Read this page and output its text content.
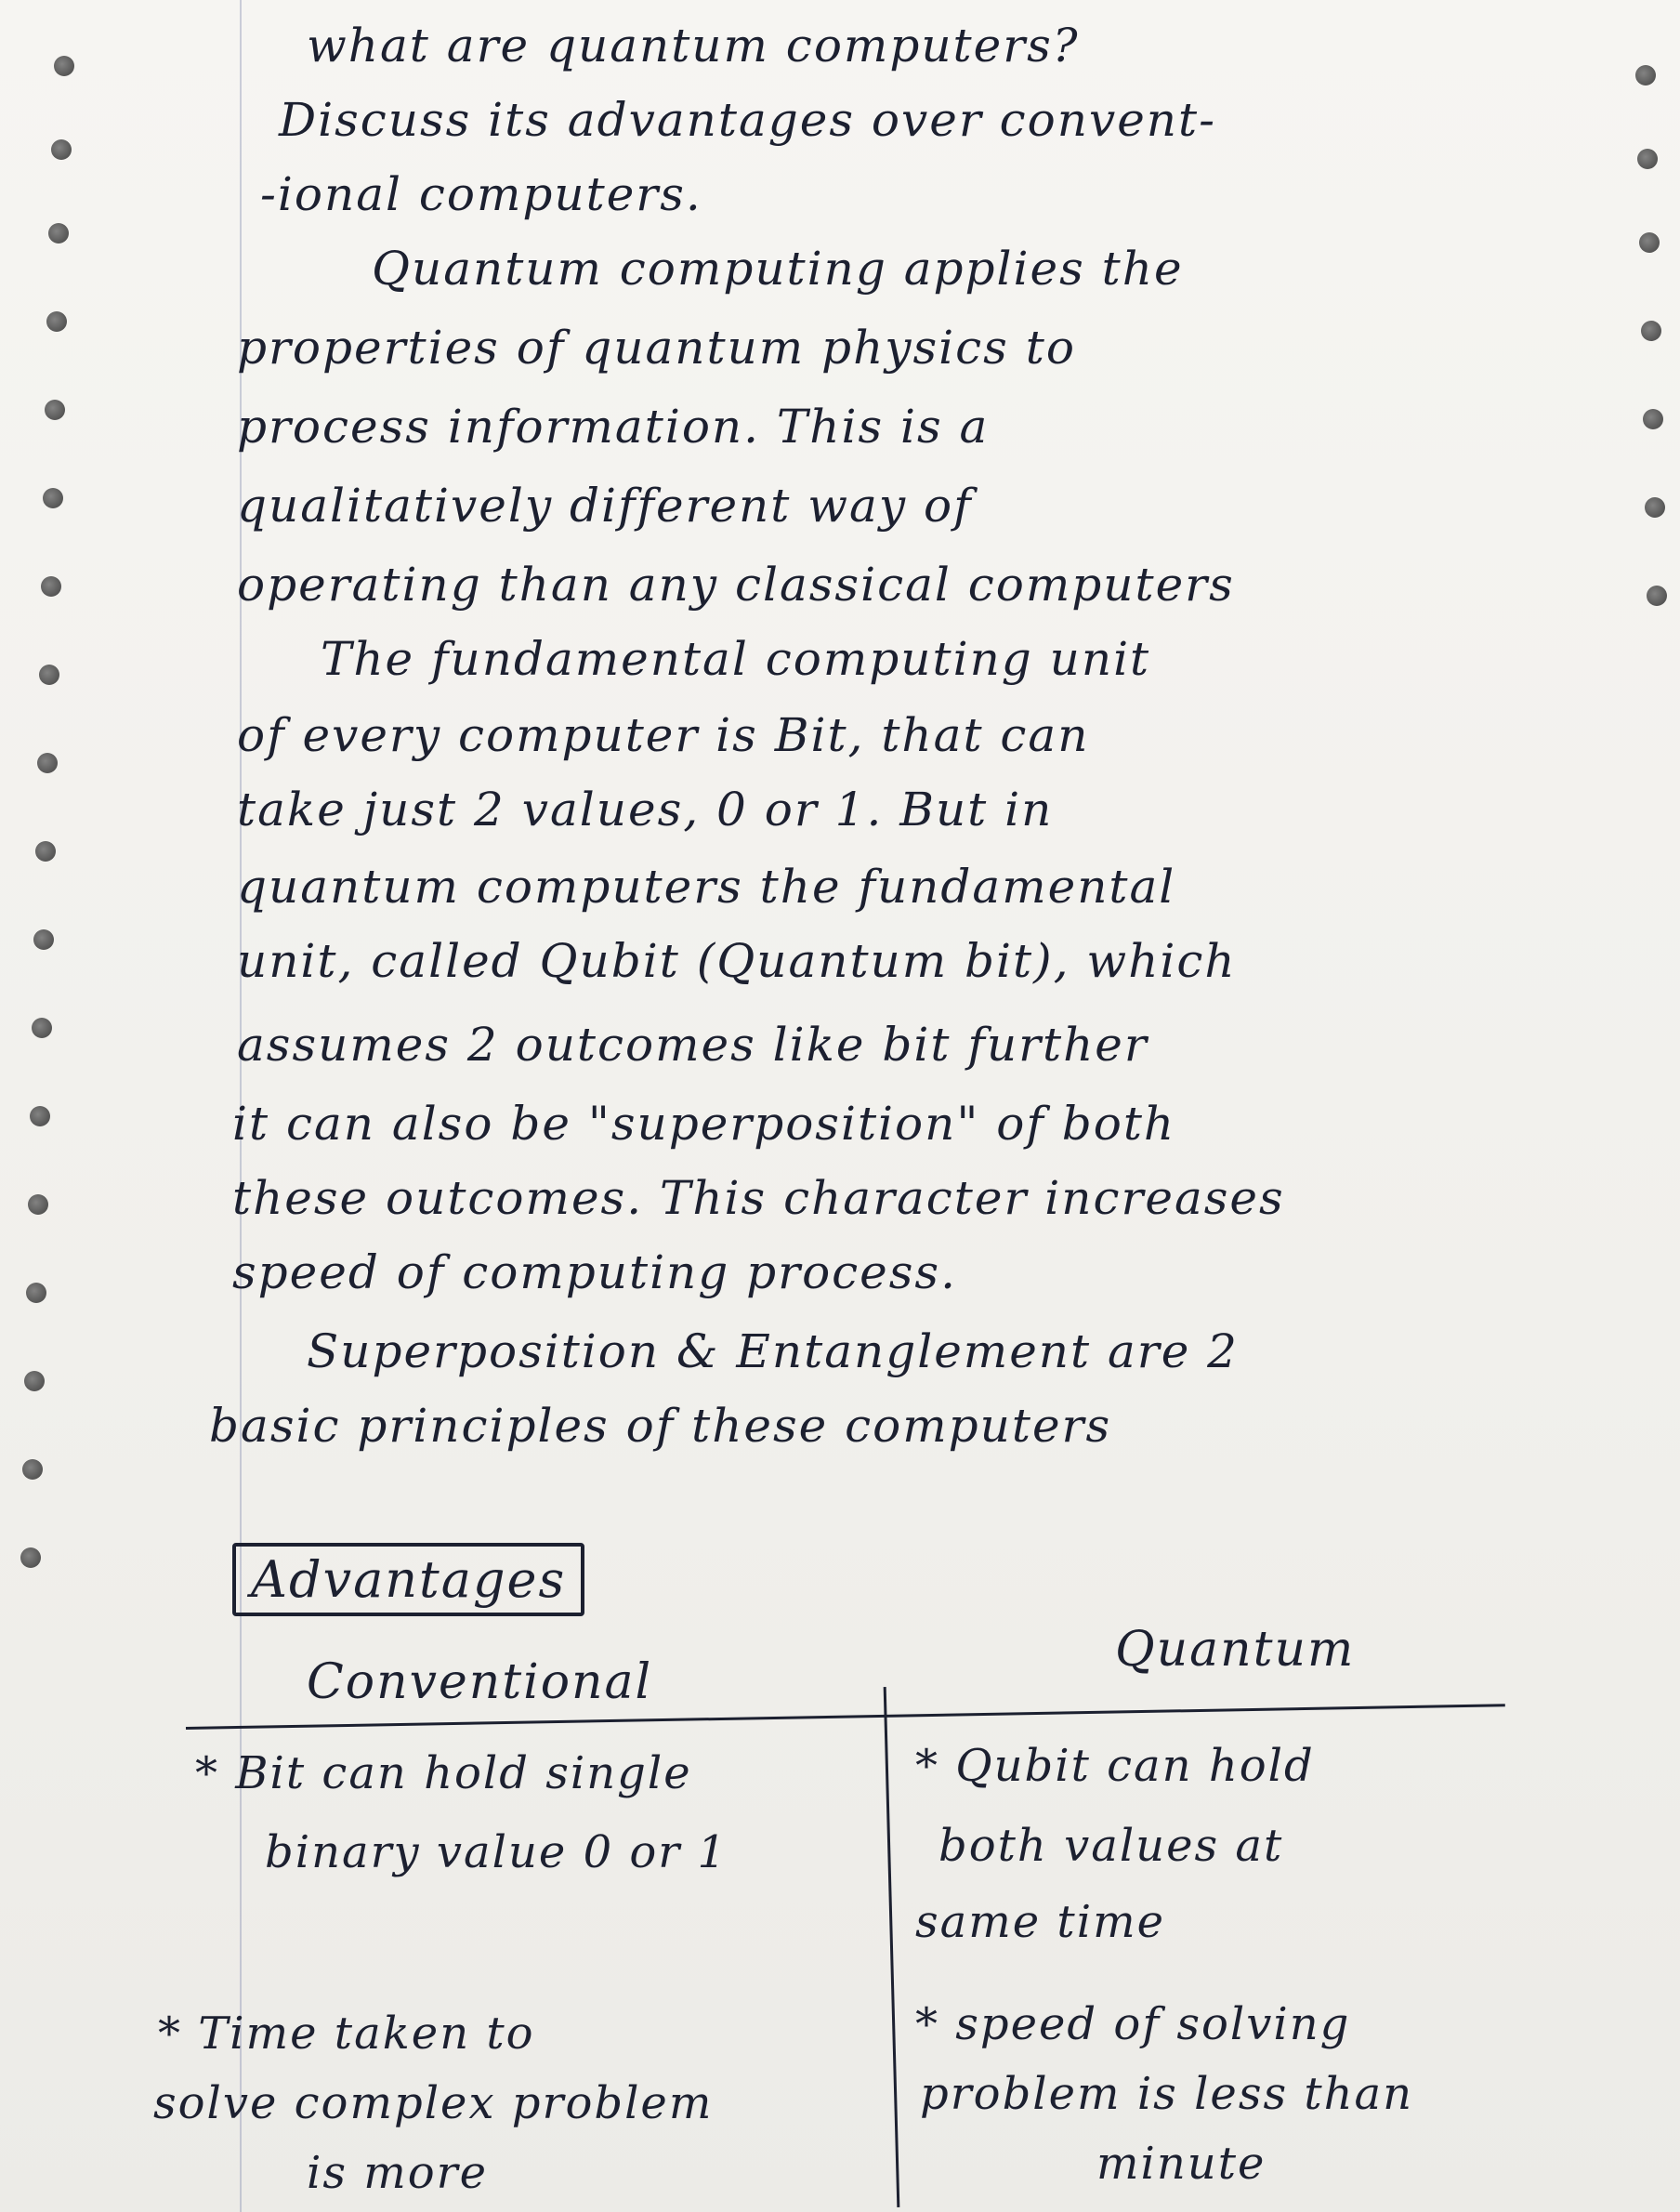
what are quantum computers?
Discuss its advantages over convent-
-ional computers.
Quantum computing applies the
properties of quantum physics to
process information. This is a
qualitatively different way of
operating than any classical computers
The fundamental computing unit
of every computer is Bit, that can
take just 2 values, 0 or 1. But in
quantum computers the fundamental
unit, called Qubit (Quantum bit), which
assumes 2 outcomes like bit further
it can also be "superposition" of both
these outcomes. This character increases
speed of computing process.
Superposition & Entanglement are 2
basic principles of these computers
Advantages
Conventional
Quantum
* Bit can hold single
binary value 0 or 1
* Qubit can hold
both values at
same time
* Time taken to
solve complex problem
is more
* speed of solving
problem is less than
minute
